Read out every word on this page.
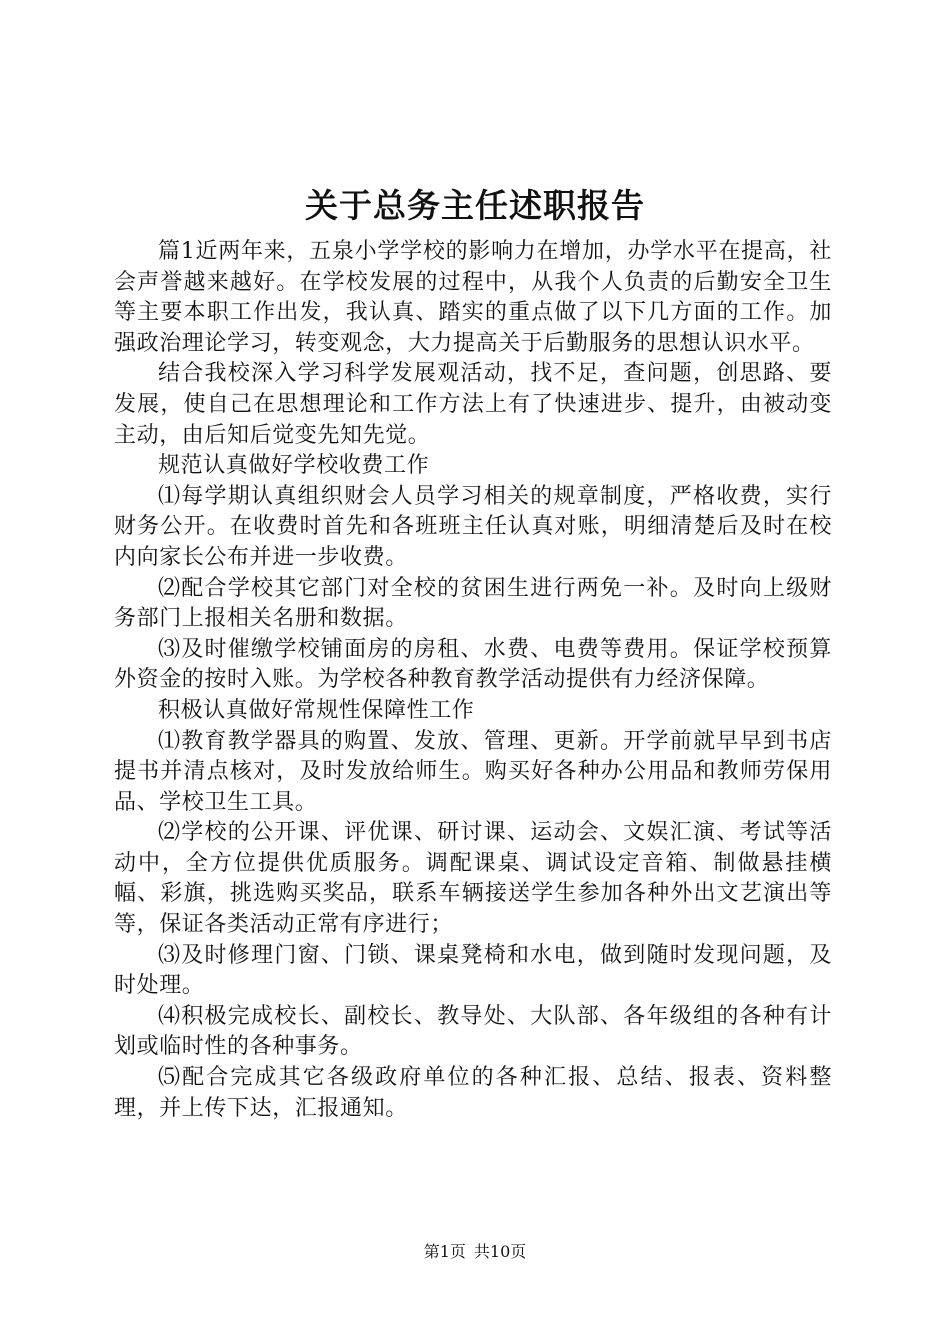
关于总务主任述职报告

篇1近两年来，五泉小学学校的影响力在增加，办学水平在提高，社会声誉越来越好。在学校发展的过程中，从我个人负责的后勤安全卫生等主要本职工作出发，我认真、踏实的重点做了以下几方面的工作。加强政治理论学习，转变观念，大力提高关于后勤服务的思想认识水平。

结合我校深入学习科学发展观活动，找不足，查问题，创思路、要发展，使自己在思想理论和工作方法上有了快速进步、提升，由被动变主动，由后知后觉变先知先觉。

规范认真做好学校收费工作

⑴每学期认真组织财会人员学习相关的规章制度，严格收费，实行财务公开。在收费时首先和各班班主任认真对账，明细清楚后及时在校内向家长公布并进一步收费。

⑵配合学校其它部门对全校的贫困生进行两免一补。及时向上级财务部门上报相关名册和数据。

⑶及时催缴学校铺面房的房租、水费、电费等费用。保证学校预算外资金的按时入账。为学校各种教育教学活动提供有力经济保障。

积极认真做好常规性保障性工作

⑴教育教学器具的购置、发放、管理、更新。开学前就早早到书店提书并清点核对，及时发放给师生。购买好各种办公用品和教师劳保用品、学校卫生工具。

⑵学校的公开课、评优课、研讨课、运动会、文娱汇演、考试等活动中，全方位提供优质服务。调配课桌、调试设定音箱、制做悬挂横幅、彩旗，挑选购买奖品，联系车辆接送学生参加各种外出文艺演出等等，保证各类活动正常有序进行；

⑶及时修理门窗、门锁、课桌凳椅和水电，做到随时发现问题，及时处理。

⑷积极完成校长、副校长、教导处、大队部、各年级组的各种有计划或临时性的各种事务。

⑸配合完成其它各级政府单位的各种汇报、总结、报表、资料整理，并上传下达，汇报通知。

第1页 共10页
